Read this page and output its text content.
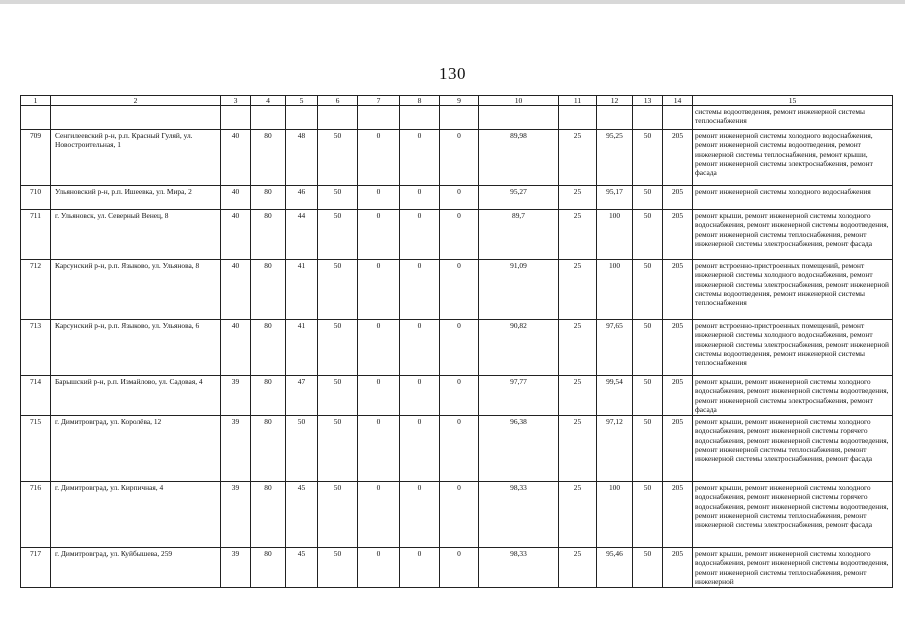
130
1	2	3	4	5	6	7	8	9	10	11	12	13	14	15
														системы водоотведения, ремонт инженерной системы теплоснабжения
709	Сенгилеевский р-н, р.п. Красный Гуляй, ул. Новостроительная, 1	40	80	48	50	0	0	0	89,98	25	95,25	50	205	ремонт инженерной системы холодного водоснабжения, ремонт инженерной системы водоотведения, ремонт инженерной системы теплоснабжения, ремонт крыши, ремонт инженерной системы электроснабжения, ремонт фасада
710	Ульяновский р-н, р.п. Ишеевка, ул. Мира, 2	40	80	46	50	0	0	0	95,27	25	95,17	50	205	ремонт инженерной системы холодного водоснабжения
711	г. Ульяновск, ул. Северный Венец, 8	40	80	44	50	0	0	0	89,7	25	100	50	205	ремонт крыши, ремонт инженерной системы холодного водоснабжения, ремонт инженерной системы водоотведения, ремонт инженерной системы теплоснабжения, ремонт инженерной системы электроснабжения, ремонт фасада
712	Карсунский р-н, р.п. Языково, ул. Ульянова, 8	40	80	41	50	0	0	0	91,09	25	100	50	205	ремонт встроенно-пристроенных помещений, ремонт инженерной системы холодного водоснабжения, ремонт инженерной системы электроснабжения, ремонт инженерной системы водоотведения, ремонт инженерной системы теплоснабжения
713	Карсунский р-н, р.п. Языково, ул. Ульянова, 6	40	80	41	50	0	0	0	90,82	25	97,65	50	205	ремонт встроенно-пристроенных помещений, ремонт инженерной системы холодного водоснабжения, ремонт инженерной системы электроснабжения, ремонт инженерной системы водоотведения, ремонт инженерной системы теплоснабжения
714	Барышский р-н, р.п. Измайлово, ул. Садовая, 4	39	80	47	50	0	0	0	97,77	25	99,54	50	205	ремонт крыши, ремонт инженерной системы холодного водоснабжения, ремонт инженерной системы водоотведения, ремонт инженерной системы электроснабжения, ремонт фасада
715	г. Димитровград, ул. Королёва, 12	39	80	50	50	0	0	0	96,38	25	97,12	50	205	ремонт крыши, ремонт инженерной системы холодного водоснабжения, ремонт инженерной системы горячего водоснабжения, ремонт инженерной системы водоотведения, ремонт инженерной системы теплоснабжения, ремонт инженерной системы электроснабжения, ремонт фасада
716	г. Димитровград, ул. Кирпичная, 4	39	80	45	50	0	0	0	98,33	25	100	50	205	ремонт крыши, ремонт инженерной системы холодного водоснабжения, ремонт инженерной системы горячего водоснабжения, ремонт инженерной системы водоотведения, ремонт инженерной системы теплоснабжения, ремонт инженерной системы электроснабжения, ремонт фасада
717	г. Димитровград, ул. Куйбышева, 259	39	80	45	50	0	0	0	98,33	25	95,46	50	205	ремонт крыши, ремонт инженерной системы холодного водоснабжения, ремонт инженерной системы водоотведения, ремонт инженерной системы теплоснабжения, ремонт инженерной
